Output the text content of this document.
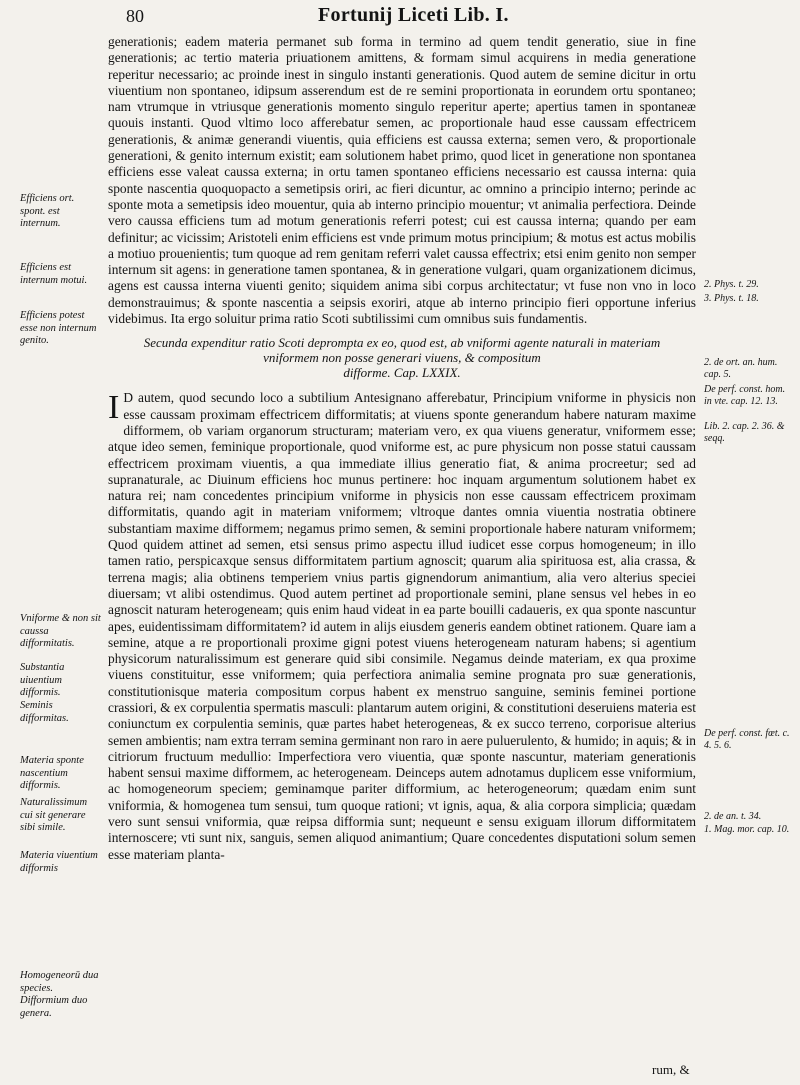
80	Fortunij Liceti Lib. I.

generationis; eadem materia permanet sub forma in termino ad quem tendit generatio, siue in fine generationis; ac tertio materia priuationem amittens, & formam simul acquirens in media generatione reperitur necessario; ac proinde inest in singulo instanti generationis. Quod autem de semine dicitur in ortu viuentium non spontaneo, idipsum asserendum est de re semini proportionata in eorundem ortu spontaneo; nam vtrumque in vtriusque generationis momento singulo reperitur aperte; apertius tamen in spontaneæ quouis instanti. Quod vltimo loco afferebatur semen, ac proportionale haud esse caussam effectricem generationis, & animæ generandi viuentis, quia efficiens est caussa externa; semen vero, & proportionale generationi, & genito internum existit; eam solutionem habet primo, quod licet in generatione non spontanea efficiens esse valeat caussa externa; in ortu tamen spontaneo efficiens necessario est caussa interna: quia sponte nascentia quoquopacto a semetipsis oriri, ac fieri dicuntur, ac omnino a principio interno; perinde ac sponte mota a semetipsis ideo mouentur, quia ab interno principio mouentur; vt animalia perfectiora. Deinde vero caussa efficiens tum ad motum generationis referri potest; cui est caussa interna; quando per eam definitur; ac vicissim; Aristoteli enim efficiens est vnde primum motus principium; & motus est actus mobilis a motiuo prouenientis; tum quoque ad rem genitam referri valet caussa effectrix; etsi enim genito non semper internum sit agens: in generatione tamen spontanea, & in generatione vulgari, quam organizationem dicimus, agens est caussa interna viuenti genito; siquidem anima sibi corpus architectatur; vt fuse non vno in loco demonstrauimus; & sponte nascentia a seipsis exoriri, atque ab interno principio fieri opportune inferius videbimus. Ita ergo soluitur prima ratio Scoti subtilissimi cum omnibus suis fundamentis.

Secunda expenditur ratio Scoti deprompta ex eo, quod est, ab vniformi agente naturali in materiam vniformem non posse generari viuens, & compositum
difforme. Cap. LXXIX.

I D autem, quod secundo loco a subtilium Antesignano afferebatur, Principium vniforme in physicis non esse caussam proximam effectricem difformitatis; at viuens sponte generandum habere naturam maxime difformem, ob variam organorum structuram; materiam vero, ex qua viuens generatur, vniformem esse; atque ideo semen, feminique proportionale, quod vniforme est, ac pure physicum non posse statui caussam effectricem proximam viuentis, a qua immediate illius generatio fiat, & anima procreetur; sed ad supranaturale, ac Diuinum efficiens hoc munus pertinere: hoc inquam argumentum solutionem habet ex natura rei; nam concedentes principium vniforme in physicis non esse caussam effectricem proximam difformitatis, quando agit in materiam vniformem; vltroque dantes omnia viuentia nostratia obtinere substantiam maxime difformem; negamus primo semen, & semini proportionale habere naturam vniformem; Quod quidem attinet ad semen, etsi sensus primo aspectu illud iudicet esse corpus homogeneum; in illo tamen ratio, perspicaxque sensus difformitatem partium agnoscit; quarum alia spirituosa est, alia crassa, & terrena magis; alia obtinens temperiem vnius partis gignendorum animantium, alia vero alterius speciei diuersam; vt alibi ostendimus. Quod autem pertinet ad proportionale semini, plane sensus vel hebes in eo agnoscit naturam heterogeneam; quis enim haud videat in ea parte bouilli cadaueris, ex qua sponte nascuntur apes, euidentissimam difformitatem? id autem in alijs eiusdem generis eandem obtinet rationem. Quare iam a semine, atque a re proportionali proxime gigni potest viuens heterogeneam naturam habens; si agentium physicorum naturalissimum est generare quid sibi consimile. Negamus deinde materiam, ex qua proxime viuens constituitur, esse vniformem; quia perfectiora animalia semine prognata pro suæ generationis, constitutionisque materia compositum corpus habent ex menstruo sanguine, seminis feminei portione crassiori, & ex corpulentia spermatis masculi: plantarum autem origini, & constitutioni deseruiens materia est coniunctum ex corpulentia seminis, quæ partes habet heterogeneas, & ex succo terreno, corporisue alterius semen ambientis; nam extra terram semina germinant non raro in aere puluerulento, & humido; in aquis; & in citriorum fructuum medullio: Imperfectiora vero viuentia, quæ sponte nascuntur, materiam generationis habent sensui maxime difformem, ac heterogeneam. Deinceps autem adnotamus duplicem esse vniformium, ac homogeneorum speciem; geminamque pariter difformium, ac heterogeneorum; quædam enim sunt vniformia, & homogenea tum sensui, tum quoque rationi; vt ignis, aqua, & alia corpora simplicia; quædam vero sunt sensui vniformia, quæ reipsa difformia sunt; nequeunt e sensu exiguam illorum difformitatem internoscere; vti sunt nix, sanguis, semen aliquod animantium; Quare concedentes disputationi solum semen esse materiam planta-

Efficiens ort. spont. est internum.
Efficiens est internum motui.
Efficiens potest esse non internum genito.
Vniforme & non sit caussa difformitatis.
Substantia uiuentium difformis.
Seminis difformitas.
Materia sponte nascentium difformis.
Naturalissimum cui sit generare sibi simile.
Materia viuentium difformis
Homogeneorū dua species. Difformium duo genera.
2. Phys. t. 29.
3. Phys. t. 18.
2. de ort. an. hum. cap. 5.
De perf. const. hom. in vte. cap. 12. 13.
Lib. 2. cap. 2. 36. & seqq.
De perf. const. fœt. c. 4. 5. 6.
2. de an. t. 34.
1. Mag. mor. cap. 10.
rum, &
